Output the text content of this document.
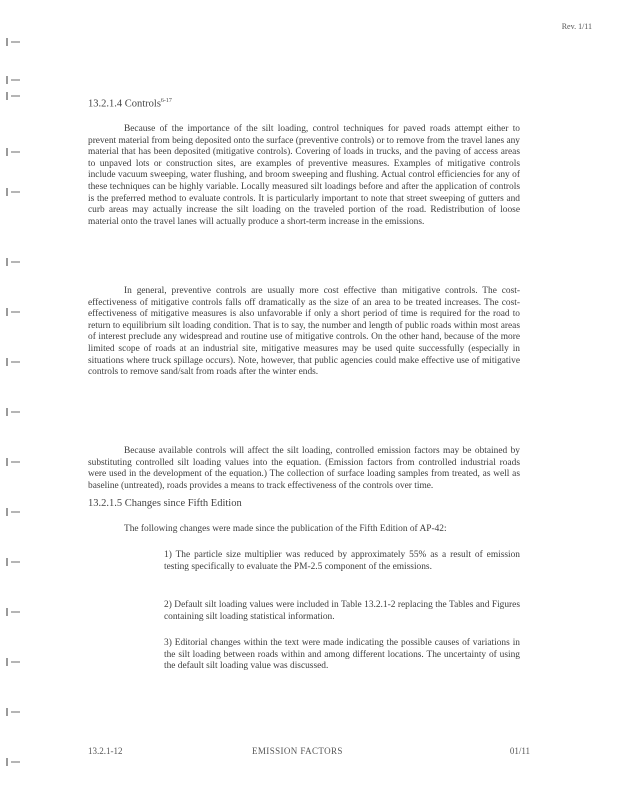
Rev. 1/11
13.2.1.4 Controls$^{6-17}$

Because of the importance of the silt loading, control techniques for paved roads attempt either to prevent material from being deposited onto the surface (preventive controls) or to remove from the travel lanes any material that has been deposited (mitigative controls). Covering of loads in trucks, and the paving of access areas to unpaved lots or construction sites, are examples of preventive measures. Examples of mitigative controls include vacuum sweeping, water flushing, and broom sweeping and flushing. Actual control efficiencies for any of these techniques can be highly variable. Locally measured silt loadings before and after the application of controls is the preferred method to evaluate controls. It is particularly important to note that street sweeping of gutters and curb areas may actually increase the silt loading on the traveled portion of the road. Redistribution of loose material onto the travel lanes will actually produce a short-term increase in the emissions.

In general, preventive controls are usually more cost effective than mitigative controls. The cost-effectiveness of mitigative controls falls off dramatically as the size of an area to be treated increases. The cost-effectiveness of mitigative measures is also unfavorable if only a short period of time is required for the road to return to equilibrium silt loading condition. That is to say, the number and length of public roads within most areas of interest preclude any widespread and routine use of mitigative controls. On the other hand, because of the more limited scope of roads at an industrial site, mitigative measures may be used quite successfully (especially in situations where truck spillage occurs). Note, however, that public agencies could make effective use of mitigative controls to remove sand/salt from roads after the winter ends.

Because available controls will affect the silt loading, controlled emission factors may be obtained by substituting controlled silt loading values into the equation. (Emission factors from controlled industrial roads were used in the development of the equation.) The collection of surface loading samples from treated, as well as baseline (untreated), roads provides a means to track effectiveness of the controls over time.

13.2.1.5 Changes since Fifth Edition

The following changes were made since the publication of the Fifth Edition of AP-42:

1) The particle size multiplier was reduced by approximately 55% as a result of emission testing specifically to evaluate the PM-2.5 component of the emissions.

2) Default silt loading values were included in Table 13.2.1-2 replacing the Tables and Figures containing silt loading statistical information.

3) Editorial changes within the text were made indicating the possible causes of variations in the silt loading between roads within and among different locations. The uncertainty of using the default silt loading value was discussed.

13.2.1-12	EMISSION FACTORS	01/11
